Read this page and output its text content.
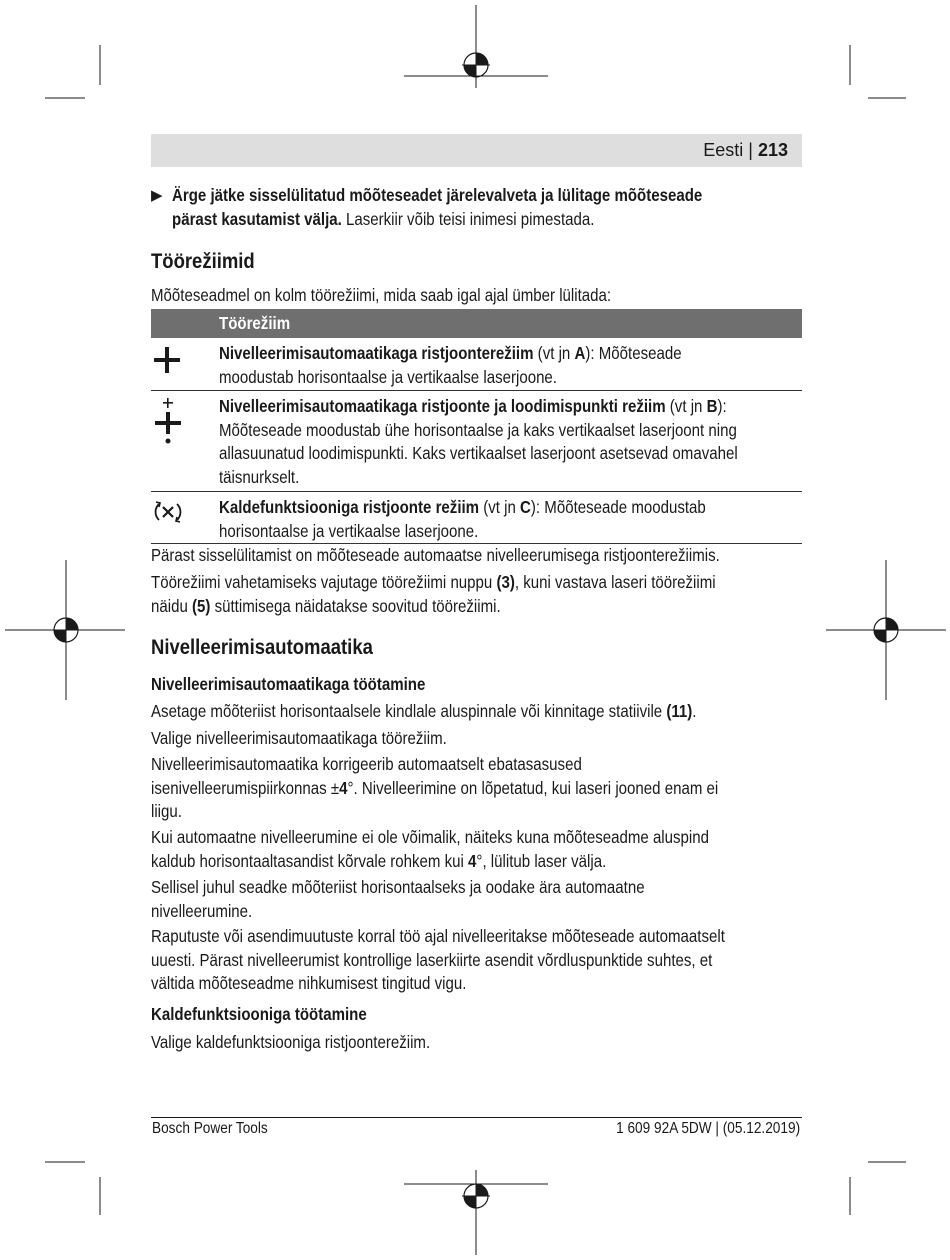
Eesti | 213
▶ Ärge jätke sisselülitatud mõõteseadet järelevalveta ja lülitage mõõteseade
pärast kasutamist välja. Laserkiir võib teisi inimesi pimestada.
Töörežiimid
Mõõteseadmel on kolm töörežiimi, mida saab igal ajal ümber lülitada:
Töörežiim
Nivelleerimisautomaatikaga ristjoonterežiim (vt jn A): Mõõteseade
moodustab horisontaalse ja vertikaalse laserjoone.
Nivelleerimisautomaatikaga ristjoonte ja loodimispunkti režiim (vt jn B):
Mõõteseade moodustab ühe horisontaalse ja kaks vertikaalset laserjoont ning
allasuunatud loodimispunkti. Kaks vertikaalset laserjoont asetsevad omavahel
täisnurkselt.
Kaldefunktsiooniga ristjoonte režiim (vt jn C): Mõõteseade moodustab
horisontaalse ja vertikaalse laserjoone.
Pärast sisselülitamist on mõõteseade automaatse nivelleerumisega ristjoonterežiimis.
Töörežiimi vahetamiseks vajutage töörežiimi nuppu (3), kuni vastava laseri töörežiimi
näidu (5) süttimisega näidatakse soovitud töörežiimi.
Nivelleerimisautomaatika
Nivelleerimisautomaatikaga töötamine
Asetage mõõteriist horisontaalsele kindlale aluspinnale või kinnitage statiivile (11).
Valige nivelleerimisautomaatikaga töörežiim.
Nivelleerimisautomaatika korrigeerib automaatselt ebatasasused
isenivelleerumispiirkonnas ±4°. Nivelleerimine on lõpetatud, kui laseri jooned enam ei
liigu.
Kui automaatne nivelleerumine ei ole võimalik, näiteks kuna mõõteseadme aluspind
kaldub horisontaaltasandist kõrvale rohkem kui 4°, lülitub laser välja.
Sellisel juhul seadke mõõteriist horisontaalseks ja oodake ära automaatne
nivelleerumine.
Raputuste või asendimuutuste korral töö ajal nivelleeritakse mõõteseade automaatselt
uuesti. Pärast nivelleerumist kontrollige laserkiirte asendit võrdluspunktide suhtes, et
vältida mõõteseadme nihkumisest tingitud vigu.
Kaldefunktsiooniga töötamine
Valige kaldefunktsiooniga ristjoonterežiim.
Bosch Power Tools	1 609 92A 5DW | (05.12.2019)
